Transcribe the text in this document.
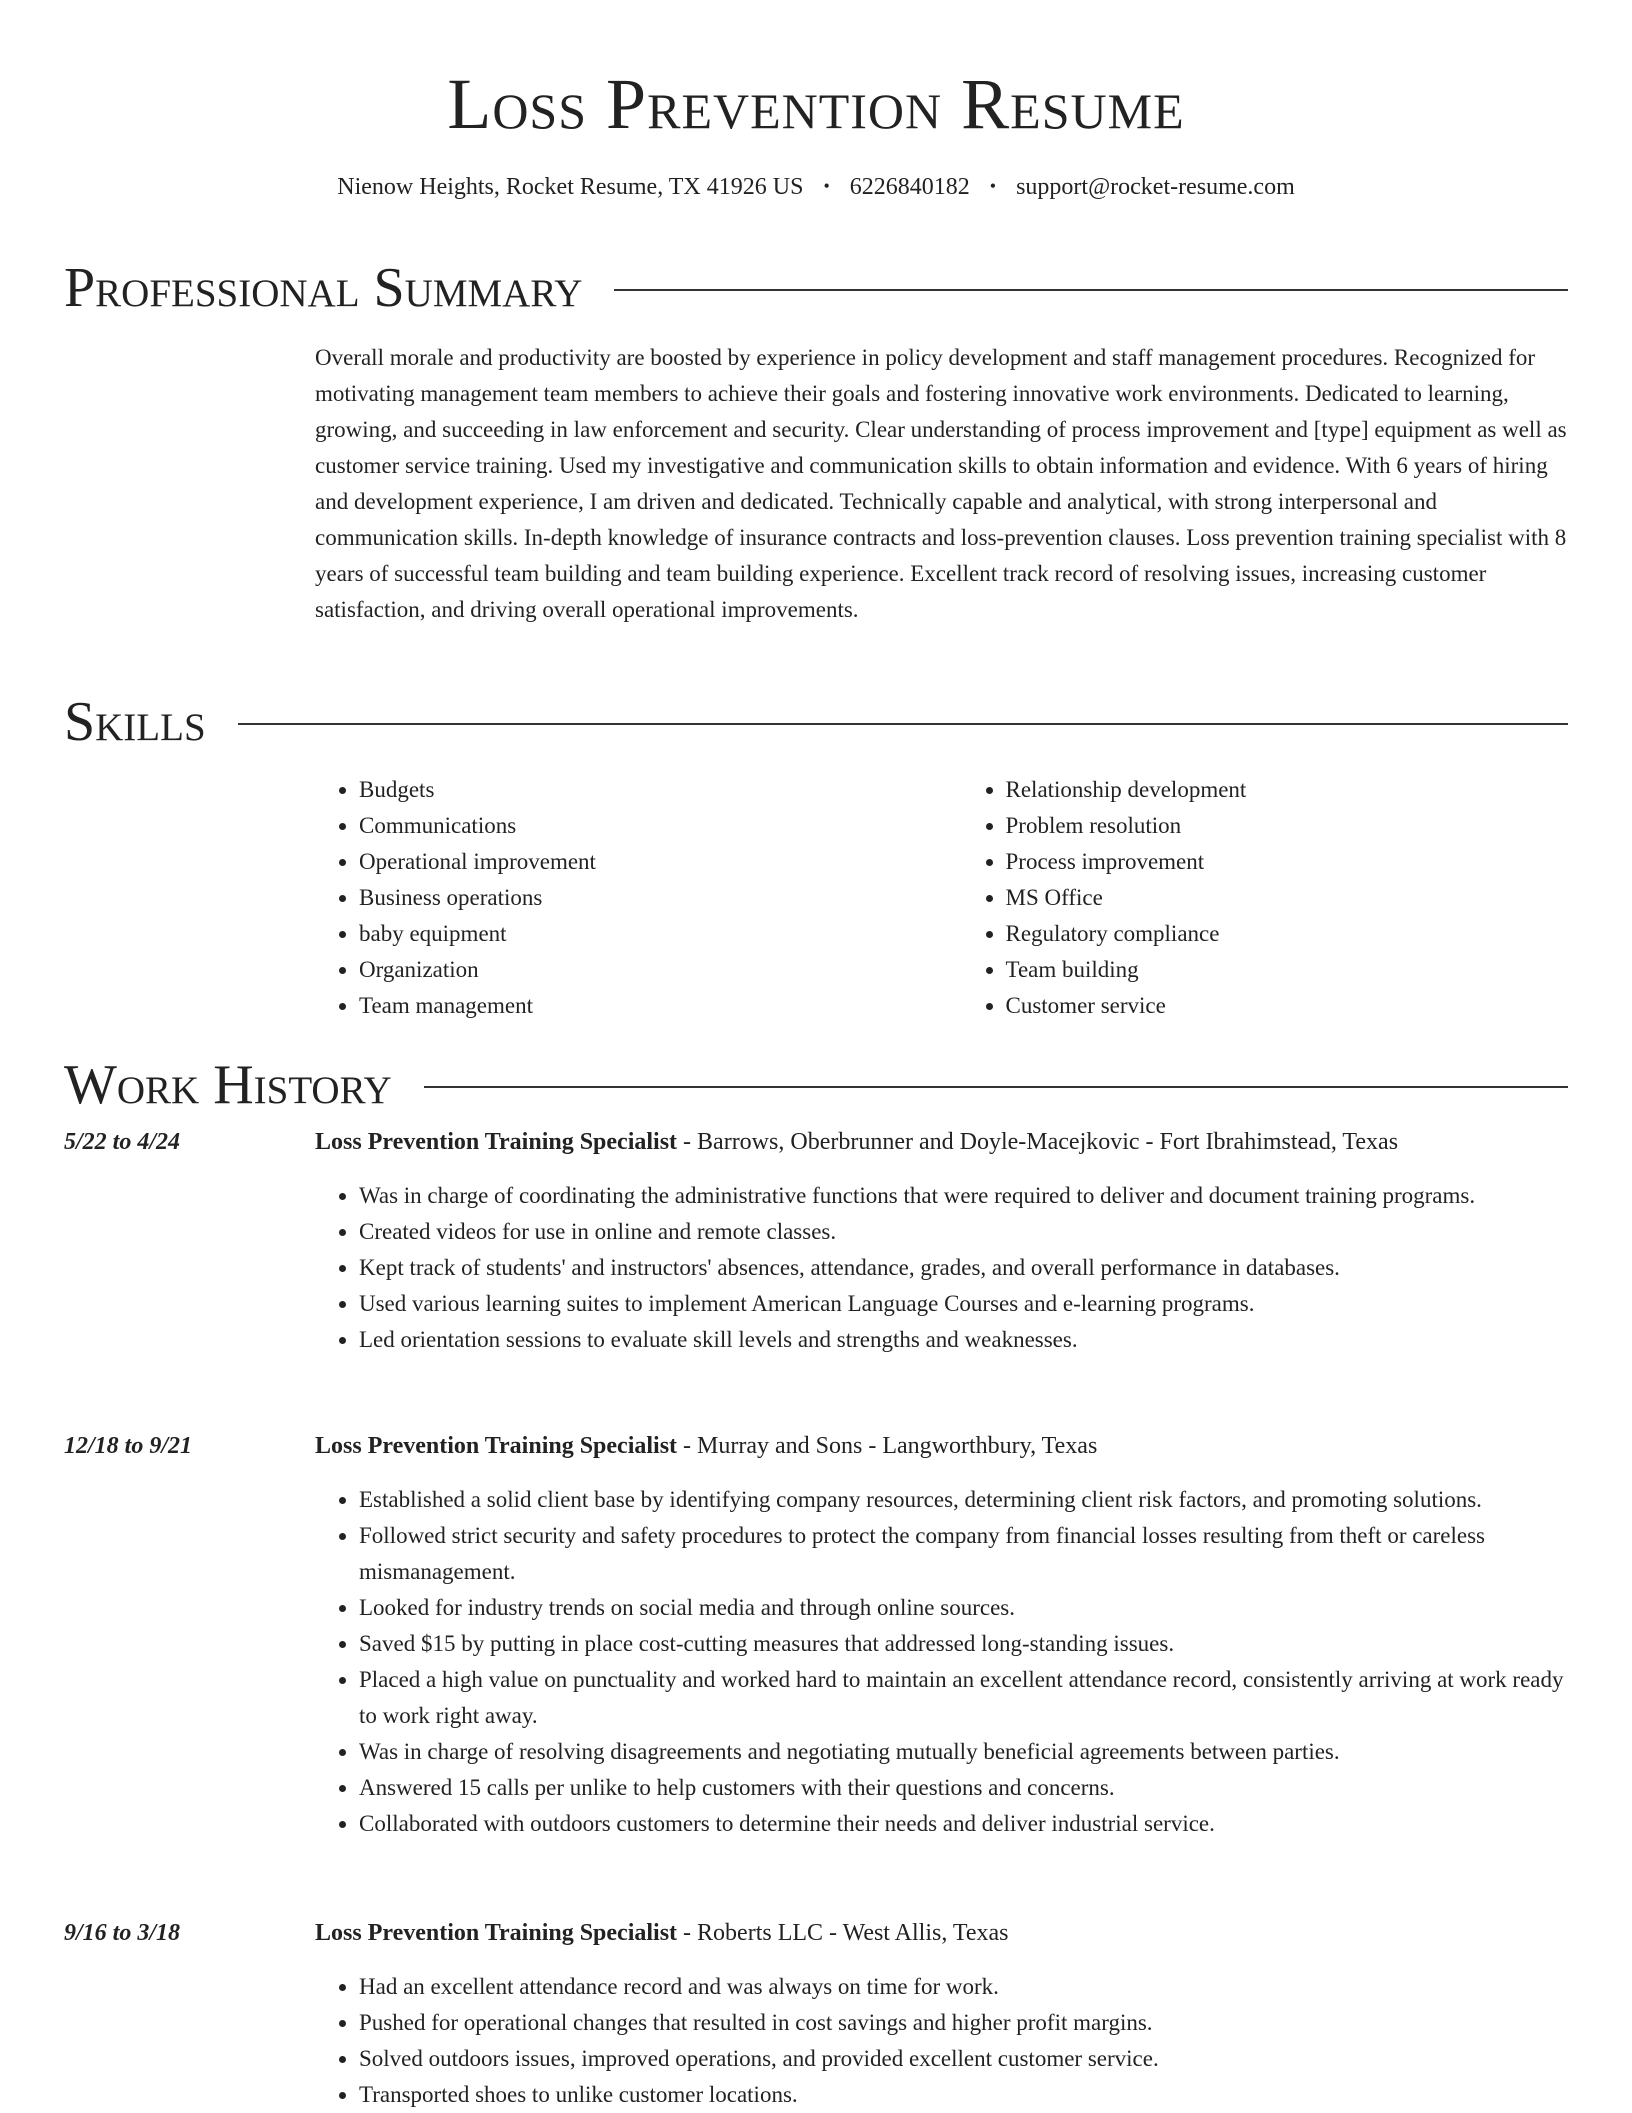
Loss Prevention Resume
Nienow Heights, Rocket Resume, TX 41926 US • 6226840182 • support@rocket-resume.com
Professional Summary

Overall morale and productivity are boosted by experience in policy development and staff management procedures. Recognized for motivating management team members to achieve their goals and fostering innovative work environments. Dedicated to learning, growing, and succeeding in law enforcement and security. Clear understanding of process improvement and [type] equipment as well as customer service training. Used my investigative and communication skills to obtain information and evidence. With 6 years of hiring and development experience, I am driven and dedicated. Technically capable and analytical, with strong interpersonal and communication skills. In-depth knowledge of insurance contracts and loss-prevention clauses. Loss prevention training specialist with 8 years of successful team building and team building experience. Excellent track record of resolving issues, increasing customer satisfaction, and driving overall operational improvements.

Skills
• Budgets
• Communications
• Operational improvement
• Business operations
• baby equipment
• Organization
• Team management
• Relationship development
• Problem resolution
• Process improvement
• MS Office
• Regulatory compliance
• Team building
• Customer service
Work History
5/22 to 4/24	Loss Prevention Training Specialist - Barrows, Oberbrunner and Doyle-Macejkovic - Fort Ibrahimstead, Texas
• Was in charge of coordinating the administrative functions that were required to deliver and document training programs.
• Created videos for use in online and remote classes.
• Kept track of students' and instructors' absences, attendance, grades, and overall performance in databases.
• Used various learning suites to implement American Language Courses and e-learning programs.
• Led orientation sessions to evaluate skill levels and strengths and weaknesses.
12/18 to 9/21	Loss Prevention Training Specialist - Murray and Sons - Langworthbury, Texas
• Established a solid client base by identifying company resources, determining client risk factors, and promoting solutions.
• Followed strict security and safety procedures to protect the company from financial losses resulting from theft or careless mismanagement.
• Looked for industry trends on social media and through online sources.
• Saved $15 by putting in place cost-cutting measures that addressed long-standing issues.
• Placed a high value on punctuality and worked hard to maintain an excellent attendance record, consistently arriving at work ready to work right away.
• Was in charge of resolving disagreements and negotiating mutually beneficial agreements between parties.
• Answered 15 calls per unlike to help customers with their questions and concerns.
• Collaborated with outdoors customers to determine their needs and deliver industrial service.
9/16 to 3/18	Loss Prevention Training Specialist - Roberts LLC - West Allis, Texas
• Had an excellent attendance record and was always on time for work.
• Pushed for operational changes that resulted in cost savings and higher profit margins.
• Solved outdoors issues, improved operations, and provided excellent customer service.
• Transported shoes to unlike customer locations.
